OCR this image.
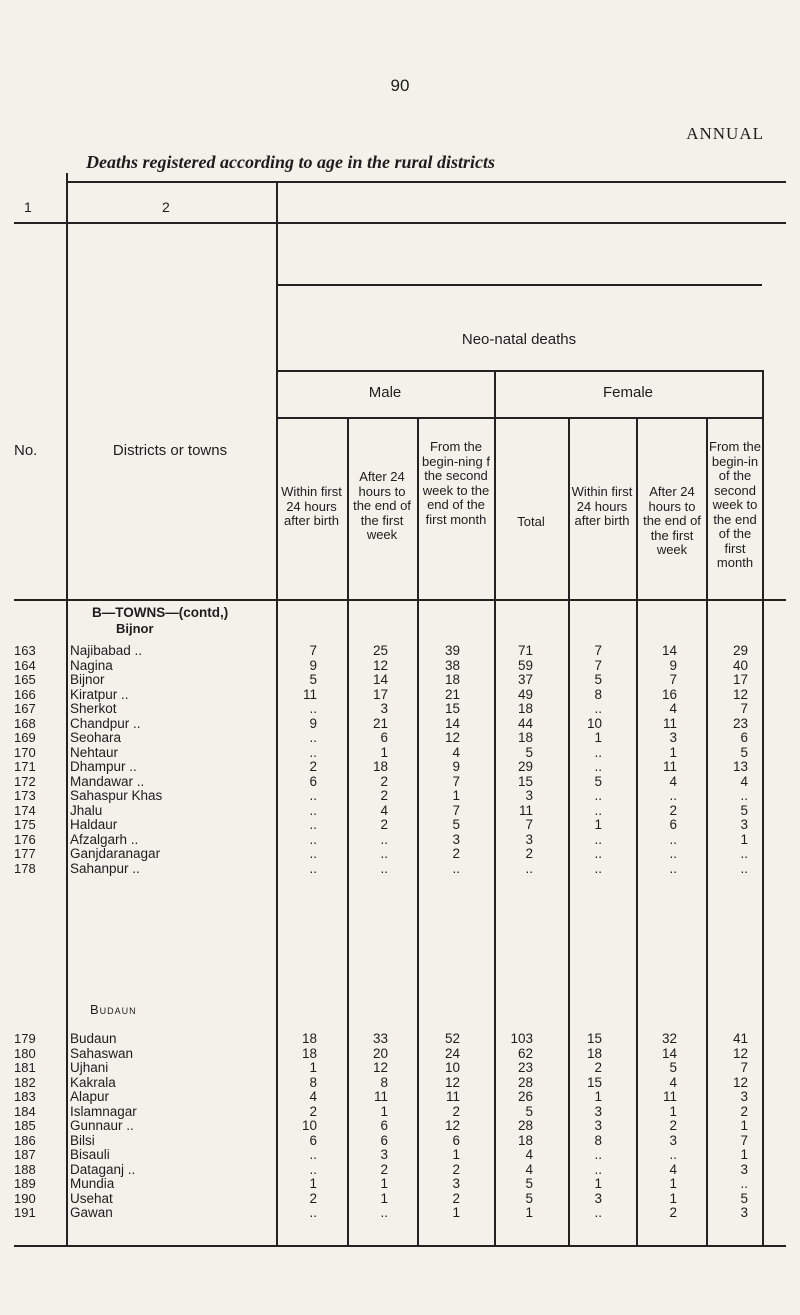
90
ANNUAL
Deaths registered according to age in the rural districts
1	2
Neo-natal deaths
Male	Female
No.	Districts or towns
Within first 24 hours after birth
After 24 hours to the end of the first week
From the begin-ning f the second week to the end of the first month	Total
Within first 24 hours after birth
After 24 hours to the end of the first week
From the begin-in of the second week to the end of the first month
B—TOWNS—(contd,)
Bijnor
Budaun
163	Najibabad ..	7	25	39	71	7	14	29
164	Nagina	9	12	38	59	7	9	40
165	Bijnor	5	14	18	37	5	7	17
166	Kiratpur ..	11	17	21	49	8	16	12
167	Sherkot	..	3	15	18	..	4	7
168	Chandpur ..	9	21	14	44	10	11	23
169	Seohara	..	6	12	18	1	3	6
170	Nehtaur	..	1	4	5	..	1	5
171	Dhampur ..	2	18	9	29	..	11	13
172	Mandawar ..	6	2	7	15	5	4	4
173	Sahaspur Khas	..	2	1	3	..	..	..
174	Jhalu	..	4	7	11	..	2	5
175	Haldaur	..	2	5	7	1	6	3
176	Afzalgarh ..	..	..	3	3	..	..	1
177	Ganjdaranagar	..	..	2	2	..	..	..
178	Sahanpur ..	..	..	..	..	..	..	..
179	Budaun	18	33	52	103	15	32	41
180	Sahaswan	18	20	24	62	18	14	12
181	Ujhani	1	12	10	23	2	5	7
182	Kakrala	8	8	12	28	15	4	12
183	Alapur	4	11	11	26	1	11	3
184	Islamnagar	2	1	2	5	3	1	2
185	Gunnaur ..	10	6	12	28	3	2	1
186	Bilsi	6	6	6	18	8	3	7
187	Bisauli	..	3	1	4	..	..	1
188	Dataganj ..	..	2	2	4	..	4	3
189	Mundia	1	1	3	5	1	1	..
190	Usehat	2	1	2	5	3	1	5
191	Gawan	..	..	1	1	..	2	3
